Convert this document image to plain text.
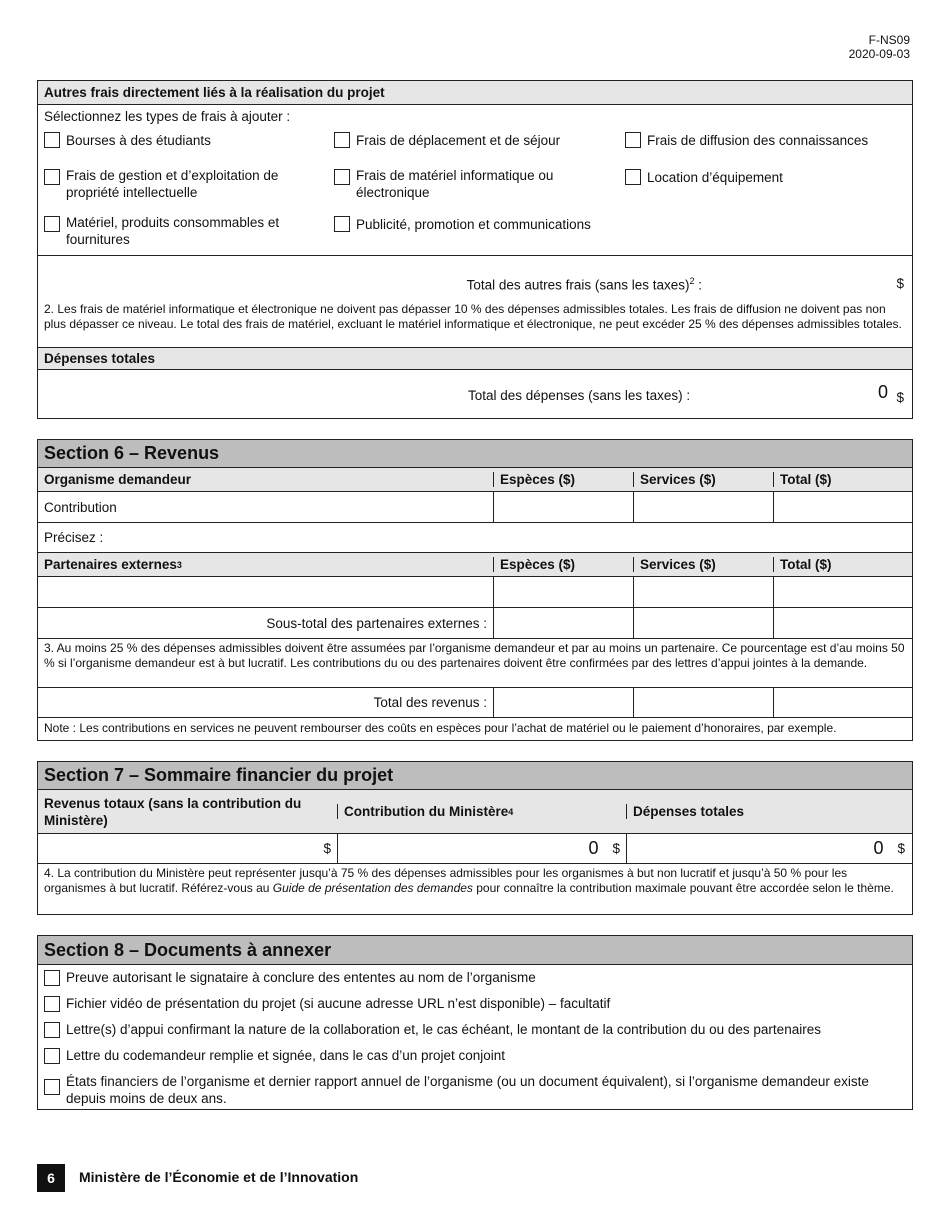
F-NS09
2020-09-03
Autres frais directement liés à la réalisation du projet
Sélectionnez les types de frais à ajouter :
Bourses à des étudiants	Frais de déplacement et de séjour	Frais de diffusion des connaissances
Frais de gestion et d’exploitation de propriété intellectuelle
Frais de matériel informatique ou électronique
Location d’équipement
Matériel, produits consommables et fournitures
Publicité, promotion et communications
Total des autres frais (sans les taxes)$^2$ :	$
2. Les frais de matériel informatique et électronique ne doivent pas dépasser 10 % des dépenses admissibles totales. Les frais de diffusion ne doivent pas non plus dépasser ce niveau. Le total des frais de matériel, excluant le matériel informatique et électronique, ne peut excéder 25 % des dépenses admissibles totales.
Dépenses totales
Total des dépenses (sans les taxes) :	0 $
Section 6 – Revenus
Organisme demandeur	Espèces ($)	Services ($)	Total ($)
Contribution
Précisez :
Partenaires externes 3	Espèces ($)	Services ($)	Total ($)
Sous-total des partenaires externes :
3. Au moins 25 % des dépenses admissibles doivent être assumées par l’organisme demandeur et par au moins un partenaire. Ce pourcentage est d’au moins 50 % si l’organisme demandeur est à but lucratif. Les contributions du ou des partenaires doivent être confirmées par des lettres d’appui jointes à la demande.
Total des revenus :
Note : Les contributions en services ne peuvent rembourser des coûts en espèces pour l’achat de matériel ou le paiement d’honoraires, par exemple.
Section 7 – Sommaire financier du projet
Revenus totaux (sans la contribution du Ministère)
Contribution du Ministère 4	Dépenses totales
$	0 $	0 $
4. La contribution du Ministère peut représenter jusqu’à 75 % des dépenses admissibles pour les organismes à but non lucratif et jusqu’à 50 % pour les organismes à but lucratif. Référez-vous au Guide de présentation des demandes pour connaître la contribution maximale pouvant être accordée selon le thème.
Section 8 – Documents à annexer
Preuve autorisant le signataire à conclure des ententes au nom de l’organisme
Fichier vidéo de présentation du projet (si aucune adresse URL n’est disponible) – facultatif
Lettre(s) d’appui confirmant la nature de la collaboration et, le cas échéant, le montant de la contribution du ou des partenaires
Lettre du codemandeur remplie et signée, dans le cas d’un projet conjoint
États financiers de l’organisme et dernier rapport annuel de l’organisme (ou un document équivalent), si l’organisme demandeur existe depuis moins de deux ans.
6	Ministère de l’Économie et de l’Innovation
